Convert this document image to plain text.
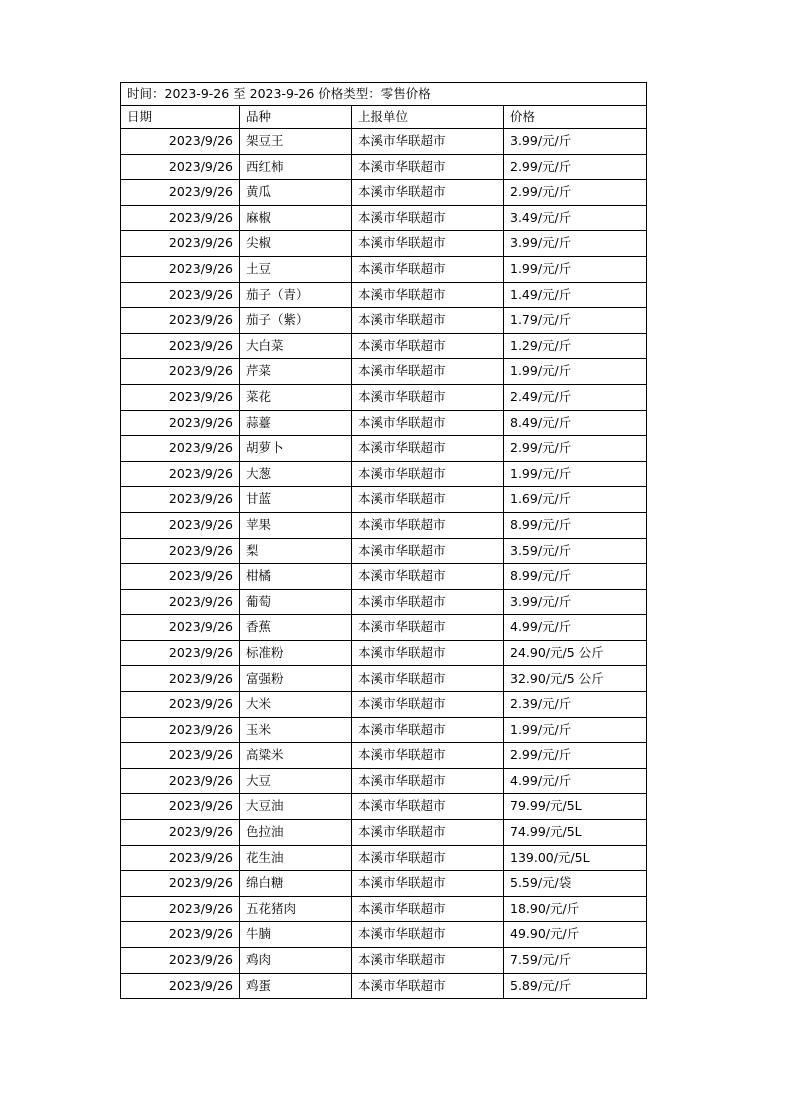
时间：2023-9-26 至 2023-9-26 价格类型：零售价格			
日期	品种	上报单位	价格
2023/9/26	架豆王	本溪市华联超市	3.99/元/斤
2023/9/26	西红柿	本溪市华联超市	2.99/元/斤
2023/9/26	黄瓜	本溪市华联超市	2.99/元/斤
2023/9/26	麻椒	本溪市华联超市	3.49/元/斤
2023/9/26	尖椒	本溪市华联超市	3.99/元/斤
2023/9/26	土豆	本溪市华联超市	1.99/元/斤
2023/9/26	茄子（青）	本溪市华联超市	1.49/元/斤
2023/9/26	茄子（紫）	本溪市华联超市	1.79/元/斤
2023/9/26	大白菜	本溪市华联超市	1.29/元/斤
2023/9/26	芹菜	本溪市华联超市	1.99/元/斤
2023/9/26	菜花	本溪市华联超市	2.49/元/斤
2023/9/26	蒜薹	本溪市华联超市	8.49/元/斤
2023/9/26	胡萝卜	本溪市华联超市	2.99/元/斤
2023/9/26	大葱	本溪市华联超市	1.99/元/斤
2023/9/26	甘蓝	本溪市华联超市	1.69/元/斤
2023/9/26	苹果	本溪市华联超市	8.99/元/斤
2023/9/26	梨	本溪市华联超市	3.59/元/斤
2023/9/26	柑橘	本溪市华联超市	8.99/元/斤
2023/9/26	葡萄	本溪市华联超市	3.99/元/斤
2023/9/26	香蕉	本溪市华联超市	4.99/元/斤
2023/9/26	标准粉	本溪市华联超市	24.90/元/5 公斤
2023/9/26	富强粉	本溪市华联超市	32.90/元/5 公斤
2023/9/26	大米	本溪市华联超市	2.39/元/斤
2023/9/26	玉米	本溪市华联超市	1.99/元/斤
2023/9/26	高粱米	本溪市华联超市	2.99/元/斤
2023/9/26	大豆	本溪市华联超市	4.99/元/斤
2023/9/26	大豆油	本溪市华联超市	79.99/元/5L
2023/9/26	色拉油	本溪市华联超市	74.99/元/5L
2023/9/26	花生油	本溪市华联超市	139.00/元/5L
2023/9/26	绵白糖	本溪市华联超市	5.59/元/袋
2023/9/26	五花猪肉	本溪市华联超市	18.90/元/斤
2023/9/26	牛腩	本溪市华联超市	49.90/元/斤
2023/9/26	鸡肉	本溪市华联超市	7.59/元/斤
2023/9/26	鸡蛋	本溪市华联超市	5.89/元/斤
